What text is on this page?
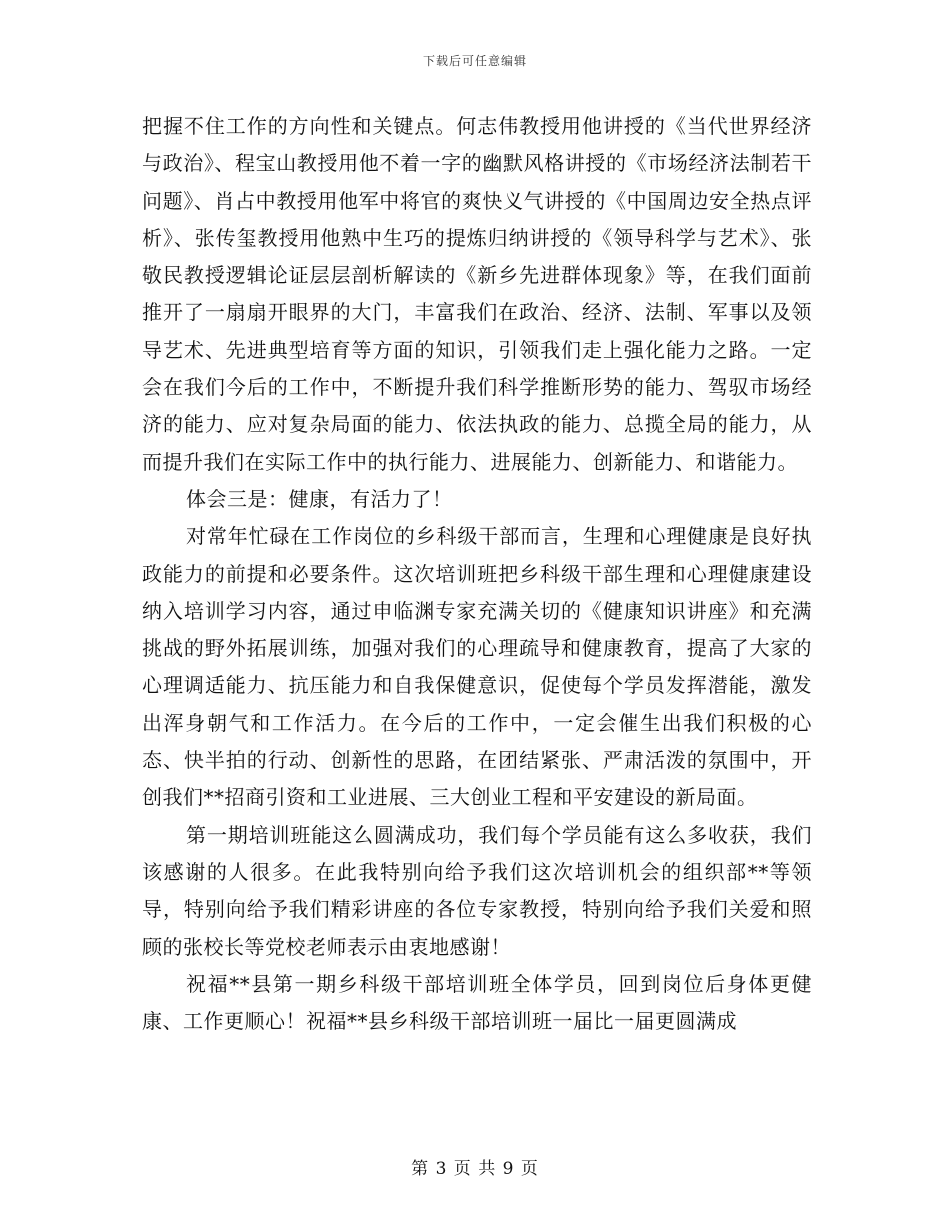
下载后可任意编辑

把握不住工作的方向性和关键点。何志伟教授用他讲授的《当代世界经济与政治》、程宝山教授用他不着一字的幽默风格讲授的《市场经济法制若干问题》、肖占中教授用他军中将官的爽快义气讲授的《中国周边安全热点评析》、张传玺教授用他熟中生巧的提炼归纳讲授的《领导科学与艺术》、张敬民教授逻辑论证层层剖析解读的《新乡先进群体现象》等，在我们面前推开了一扇扇开眼界的大门，丰富我们在政治、经济、法制、军事以及领导艺术、先进典型培育等方面的知识，引领我们走上强化能力之路。一定会在我们今后的工作中，不断提升我们科学推断形势的能力、驾驭市场经济的能力、应对复杂局面的能力、依法执政的能力、总揽全局的能力，从而提升我们在实际工作中的执行能力、进展能力、创新能力、和谐能力。

体会三是：健康，有活力了！

对常年忙碌在工作岗位的乡科级干部而言，生理和心理健康是良好执政能力的前提和必要条件。这次培训班把乡科级干部生理和心理健康建设纳入培训学习内容，通过申临渊专家充满关切的《健康知识讲座》和充满挑战的野外拓展训练，加强对我们的心理疏导和健康教育，提高了大家的心理调适能力、抗压能力和自我保健意识，促使每个学员发挥潜能，激发出浑身朝气和工作活力。在今后的工作中，一定会催生出我们积极的心态、快半拍的行动、创新性的思路，在团结紧张、严肃活泼的氛围中，开创我们**招商引资和工业进展、三大创业工程和平安建设的新局面。

第一期培训班能这么圆满成功，我们每个学员能有这么多收获，我们该感谢的人很多。在此我特别向给予我们这次培训机会的组织部**等领导，特别向给予我们精彩讲座的各位专家教授，特别向给予我们关爱和照顾的张校长等党校老师表示由衷地感谢！

祝福**县第一期乡科级干部培训班全体学员，回到岗位后身体更健康、工作更顺心！祝福**县乡科级干部培训班一届比一届更圆满成

第 3 页 共 9 页
